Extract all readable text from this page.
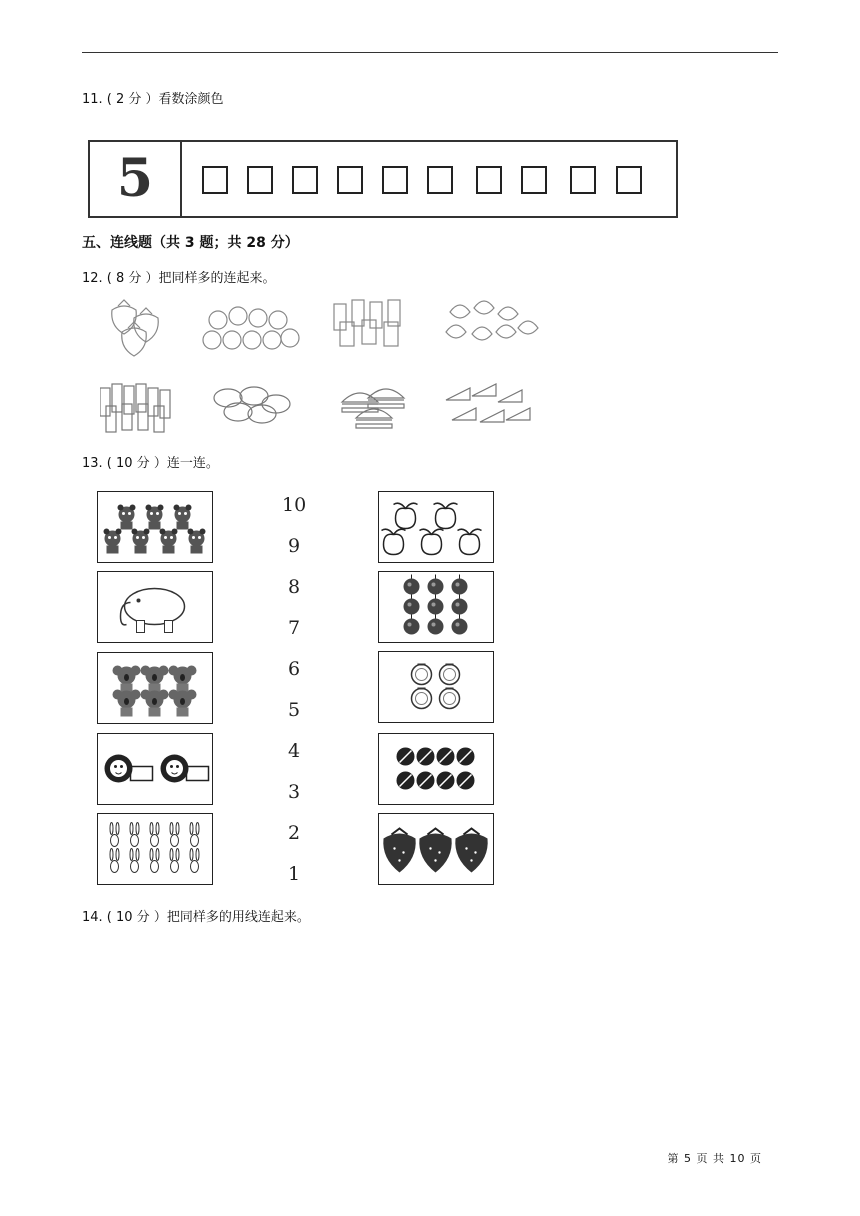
11. ( 2 分 ）看数涂颜色
5
五、连线题（共 3 题；共 28 分）
12. ( 8 分 ）把同样多的连起来。
13. ( 10 分 ）连一连。
10
9
8
7
6
5
4
3
2
1
14. ( 10 分 ）把同样多的用线连起来。
第 5 页 共 10 页
